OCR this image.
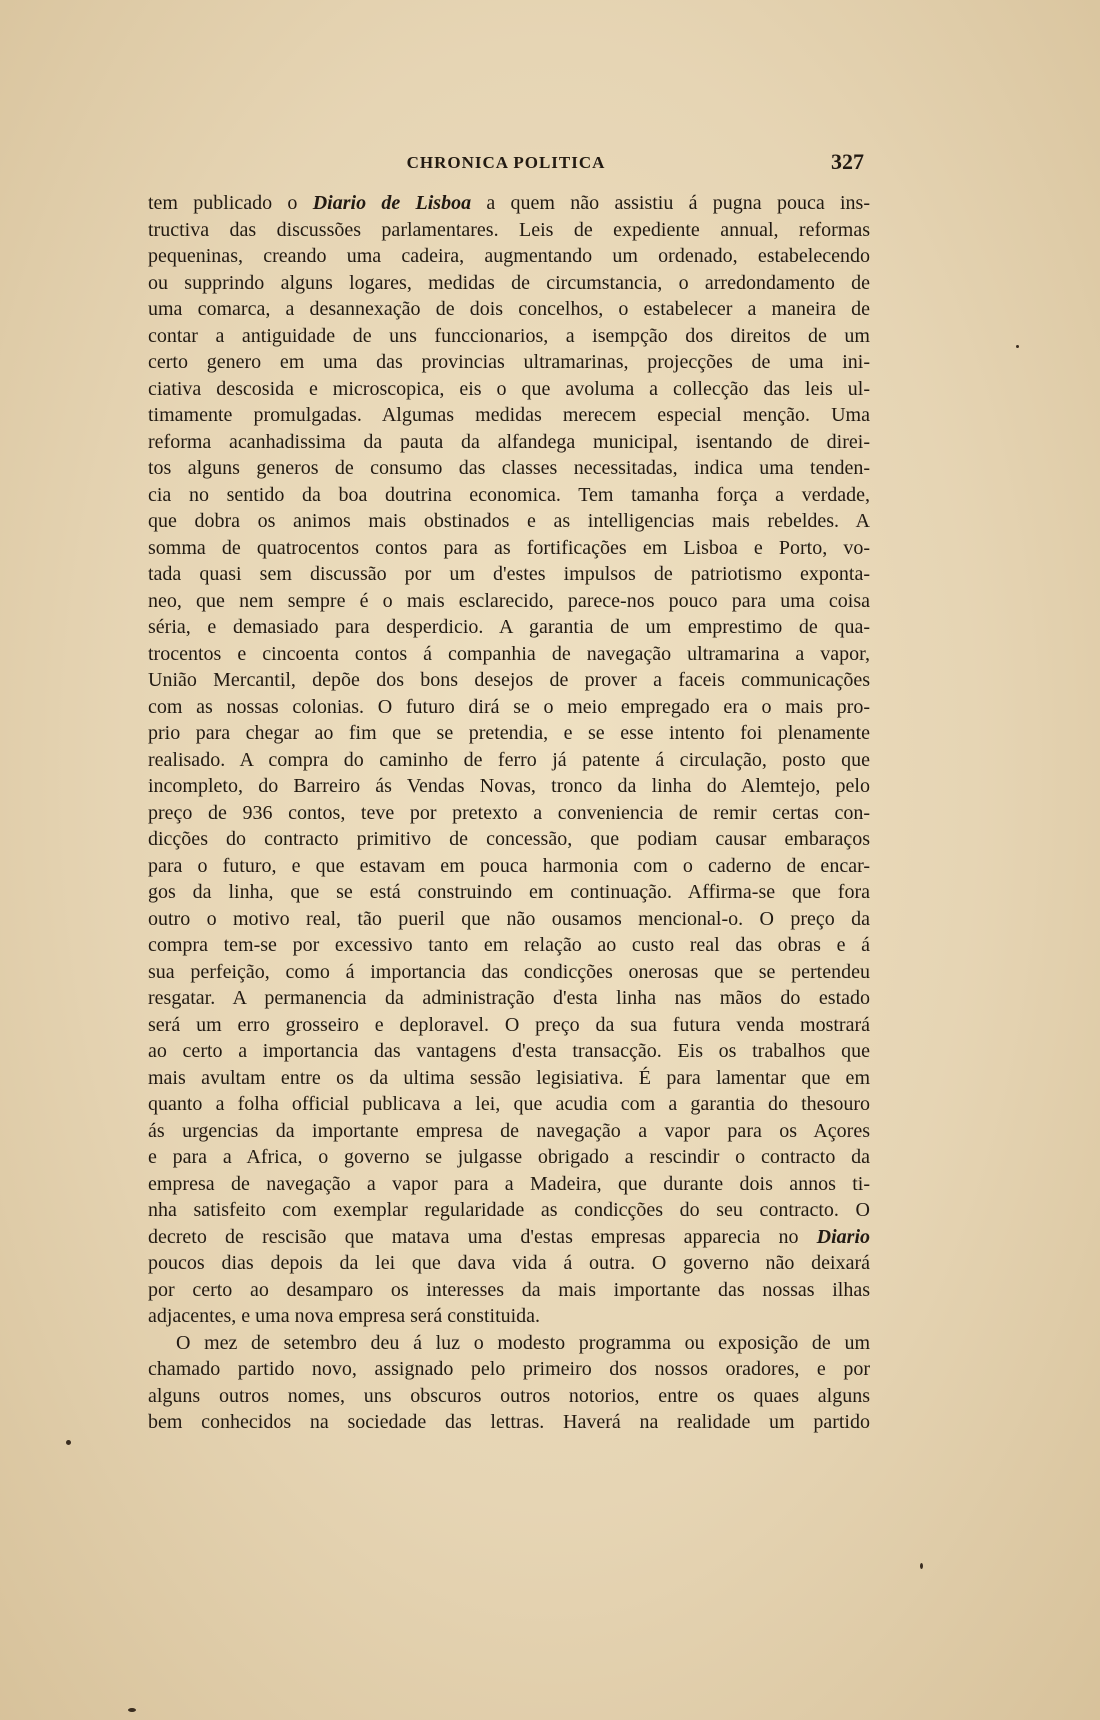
CHRONICA POLITICA	327
tem publicado o Diario de Lisboa a quem não assistiu á pugna pouca ins-
tructiva das discussões parlamentares. Leis de expediente annual, reformas
pequeninas, creando uma cadeira, augmentando um ordenado, estabelecendo
ou supprindo alguns logares, medidas de circumstancia, o arredondamento de
uma comarca, a desannexação de dois concelhos, o estabelecer a maneira de
contar a antiguidade de uns funccionarios, a isempção dos direitos de um
certo genero em uma das provincias ultramarinas, projecções de uma ini-
ciativa descosida e microscopica, eis o que avoluma a collecção das leis ul-
timamente promulgadas. Algumas medidas merecem especial menção. Uma
reforma acanhadissima da pauta da alfandega municipal, isentando de direi-
tos alguns generos de consumo das classes necessitadas, indica uma tenden-
cia no sentido da boa doutrina economica. Tem tamanha força a verdade,
que dobra os animos mais obstinados e as intelligencias mais rebeldes. A
somma de quatrocentos contos para as fortificações em Lisboa e Porto, vo-
tada quasi sem discussão por um d'estes impulsos de patriotismo exponta-
neo, que nem sempre é o mais esclarecido, parece-nos pouco para uma coisa
séria, e demasiado para desperdicio. A garantia de um emprestimo de qua-
trocentos e cincoenta contos á companhia de navegação ultramarina a vapor,
União Mercantil, depõe dos bons desejos de prover a faceis communicações
com as nossas colonias. O futuro dirá se o meio empregado era o mais pro-
prio para chegar ao fim que se pretendia, e se esse intento foi plenamente
realisado. A compra do caminho de ferro já patente á circulação, posto que
incompleto, do Barreiro ás Vendas Novas, tronco da linha do Alemtejo, pelo
preço de 936 contos, teve por pretexto a conveniencia de remir certas con-
dicções do contracto primitivo de concessão, que podiam causar embaraços
para o futuro, e que estavam em pouca harmonia com o caderno de encar-
gos da linha, que se está construindo em continuação. Affirma-se que fora
outro o motivo real, tão pueril que não ousamos mencional-o. O preço da
compra tem-se por excessivo tanto em relação ao custo real das obras e á
sua perfeição, como á importancia das condicções onerosas que se pertendeu
resgatar. A permanencia da administração d'esta linha nas mãos do estado
será um erro grosseiro e deploravel. O preço da sua futura venda mostrará
ao certo a importancia das vantagens d'esta transacção. Eis os trabalhos que
mais avultam entre os da ultima sessão legisiativa. É para lamentar que em
quanto a folha official publicava a lei, que acudia com a garantia do thesouro
ás urgencias da importante empresa de navegação a vapor para os Açores
e para a Africa, o governo se julgasse obrigado a rescindir o contracto da
empresa de navegação a vapor para a Madeira, que durante dois annos ti-
nha satisfeito com exemplar regularidade as condicções do seu contracto. O
decreto de rescisão que matava uma d'estas empresas apparecia no Diario
poucos dias depois da lei que dava vida á outra. O governo não deixará
por certo ao desamparo os interesses da mais importante das nossas ilhas
adjacentes, e uma nova empresa será constituida.
O mez de setembro deu á luz o modesto programma ou exposição de um
chamado partido novo, assignado pelo primeiro dos nossos oradores, e por
alguns outros nomes, uns obscuros outros notorios, entre os quaes alguns
bem conhecidos na sociedade das lettras. Haverá na realidade um partido
